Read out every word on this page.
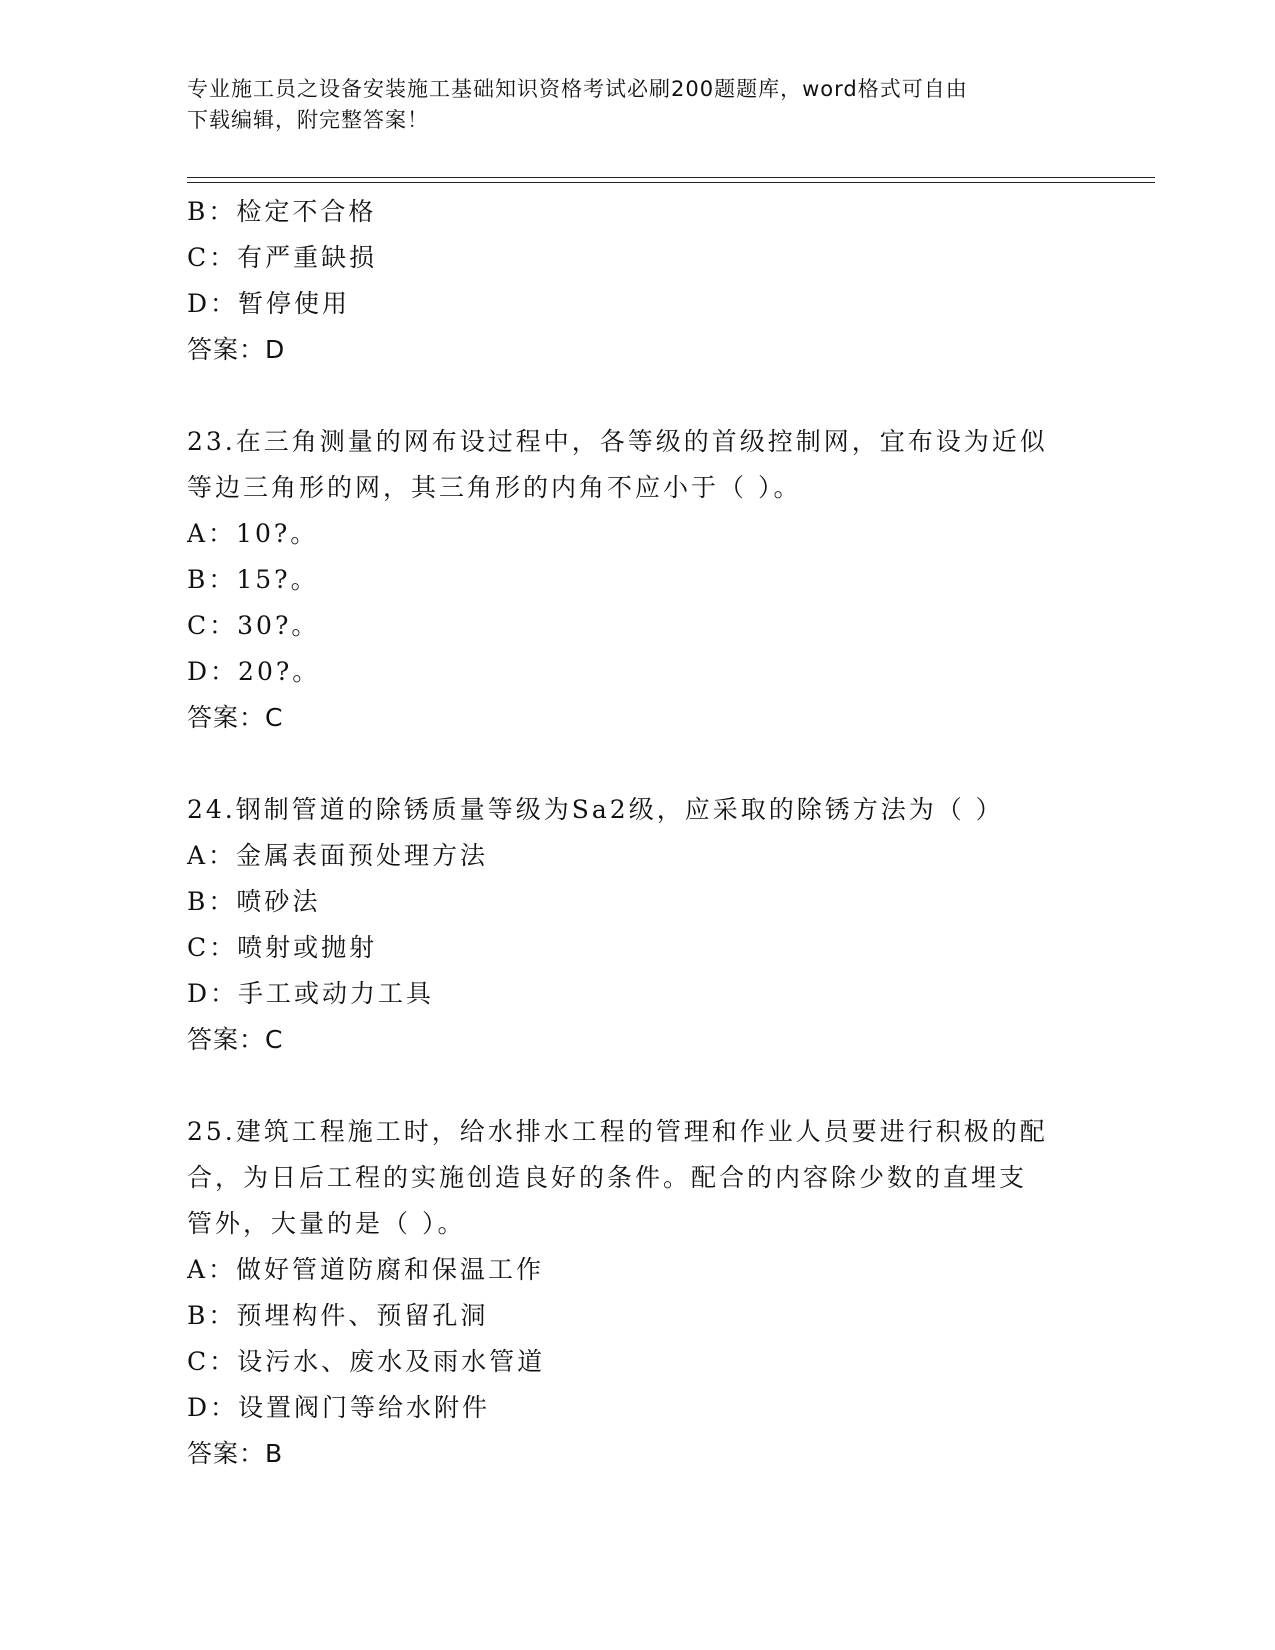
专业施工员之设备安装施工基础知识资格考试必刷200题题库，word格式可自由
下载编辑，附完整答案！
B：检定不合格
C：有严重缺损
D：暂停使用
答案：D
23.在三角测量的网布设过程中，各等级的首级控制网，宜布设为近似
等边三角形的网，其三角形的内角不应小于（ ）。
A：10?。
B：15?。
C：30?。
D：20?。
答案：C
24.钢制管道的除锈质量等级为Sa2级，应采取的除锈方法为（ ）
A：金属表面预处理方法
B：喷砂法
C：喷射或抛射
D：手工或动力工具
答案：C
25.建筑工程施工时，给水排水工程的管理和作业人员要进行积极的配
合，为日后工程的实施创造良好的条件。配合的内容除少数的直埋支
管外，大量的是（ ）。
A：做好管道防腐和保温工作
B：预埋构件、预留孔洞
C：设污水、废水及雨水管道
D：设置阀门等给水附件
答案：B
